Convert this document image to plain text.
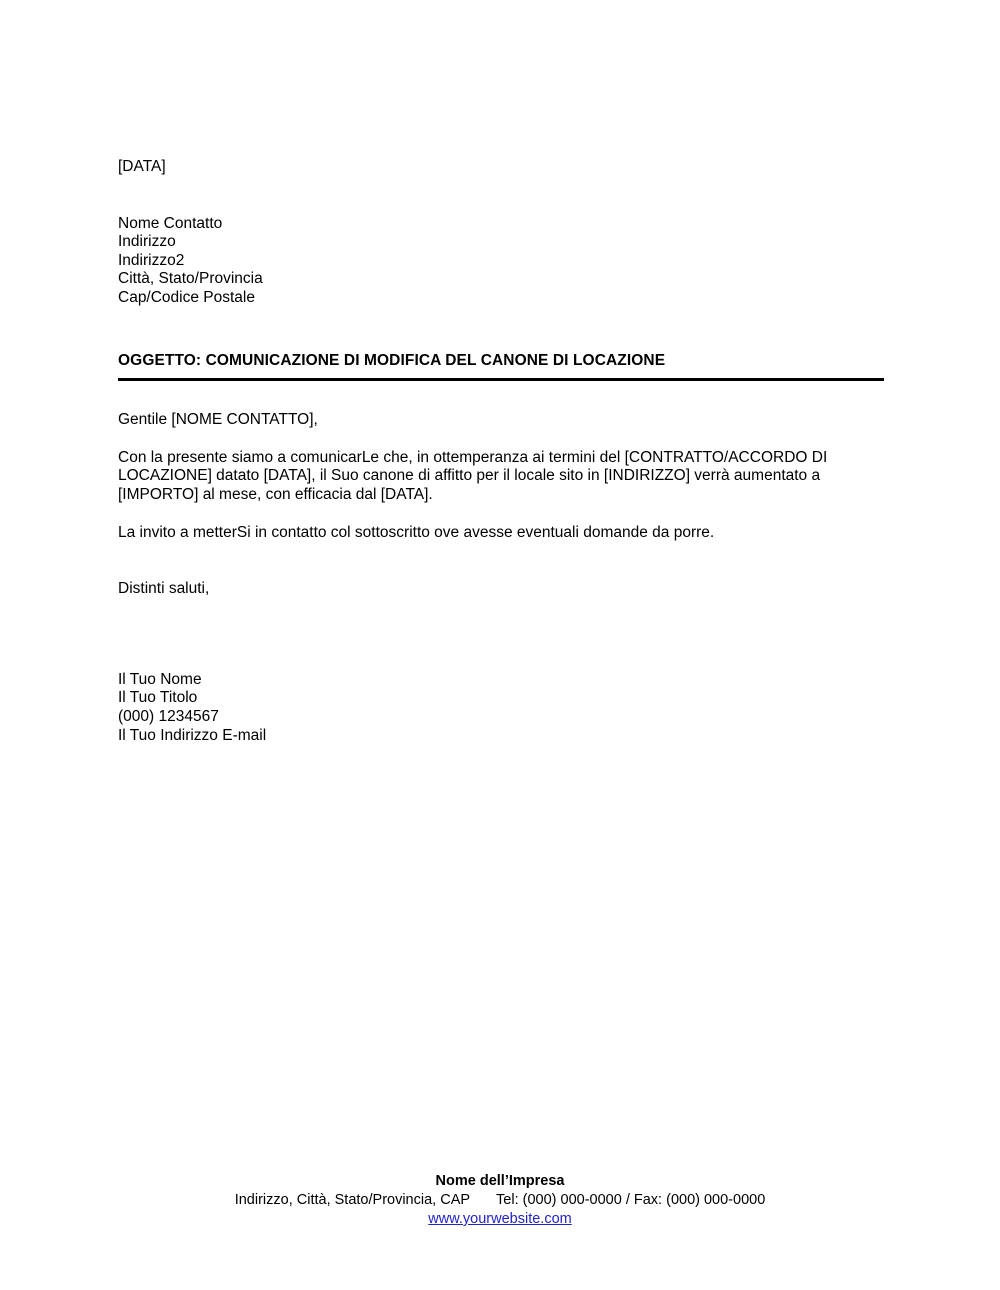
[DATA]
Nome Contatto
Indirizzo
Indirizzo2
Città, Stato/Provincia
Cap/Codice Postale
OGGETTO: COMUNICAZIONE DI MODIFICA DEL CANONE DI LOCAZIONE
Gentile [NOME CONTATTO],
Con la presente siamo a comunicarLe che, in ottemperanza ai termini del [CONTRATTO/ACCORDO DI LOCAZIONE] datato [DATA], il Suo canone di affitto per il locale sito in [INDIRIZZO] verrà aumentato a [IMPORTO] al mese, con efficacia dal [DATA].
La invito a metterSi in contatto col sottoscritto ove avesse eventuali domande da porre.
Distinti saluti,
Il Tuo Nome
Il Tuo Titolo
(000) 1234567
Il Tuo Indirizzo E-mail
Nome dell’Impresa
Indirizzo, Città, Stato/Provincia, CAP Tel: (000) 000-0000 / Fax: (000) 000-0000
www.yourwebsite.com
